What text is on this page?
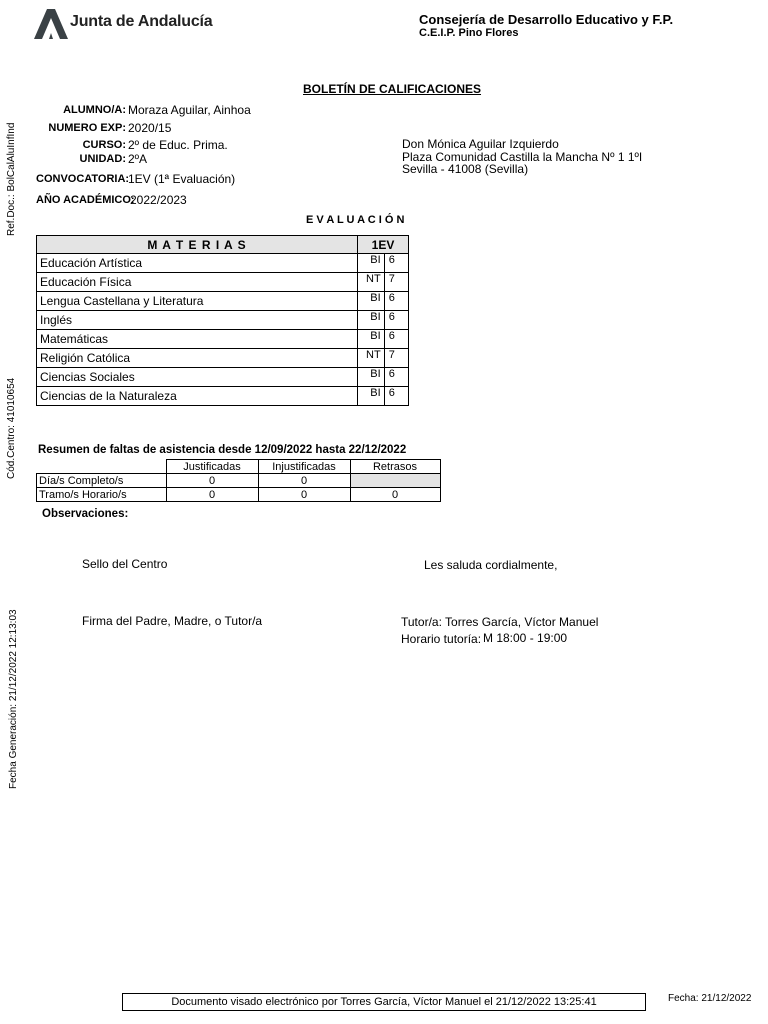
Junta de Andalucía	Consejería de Desarrollo Educativo y F.P.
C.E.I.P. Pino Flores
Ref.Doc.: BolCalAluInfInd
Cód.Centro: 41010654
Fecha Generación: 21/12/2022 12:13:03
BOLETÍN DE CALIFICACIONES
ALUMNO/A: Moraza Aguilar, Ainhoa
NUMERO EXP: 2020/15
CURSO: 2º de Educ. Prima.
UNIDAD: 2ºA
CONVOCATORIA:
1EV (1ª Evaluación)
AÑO ACADÉMICO:
2022/2023
Don Mónica Aguilar Izquierdo
Plaza Comunidad Castilla la Mancha Nº 1 1ºI
Sevilla - 41008 (Sevilla)
E V A L U A C I Ó N
M A T E R I A S	1EV	
Educación Artística	BI	6
Educación Física	NT	7
Lengua Castellana y Literatura	BI	6
Inglés	BI	6
Matemáticas	BI	6
Religión Católica	NT	7
Ciencias Sociales	BI	6
Ciencias de la Naturaleza	BI	6
Resumen de faltas de asistencia desde 12/09/2022 hasta 22/12/2022
	Justificadas	Injustificadas	Retrasos
Día/s Completo/s	0	0	
Tramo/s Horario/s	0	0	0
Observaciones:
Sello del Centro	Les saluda cordialmente,
Firma del Padre, Madre, o Tutor/a	Tutor/a: Torres García, Víctor Manuel
Horario tutoría: M 18:00 - 19:00
Documento visado electrónico por Torres García, Víctor Manuel el 21/12/2022 13:25:41	Fecha: 21/12/2022
